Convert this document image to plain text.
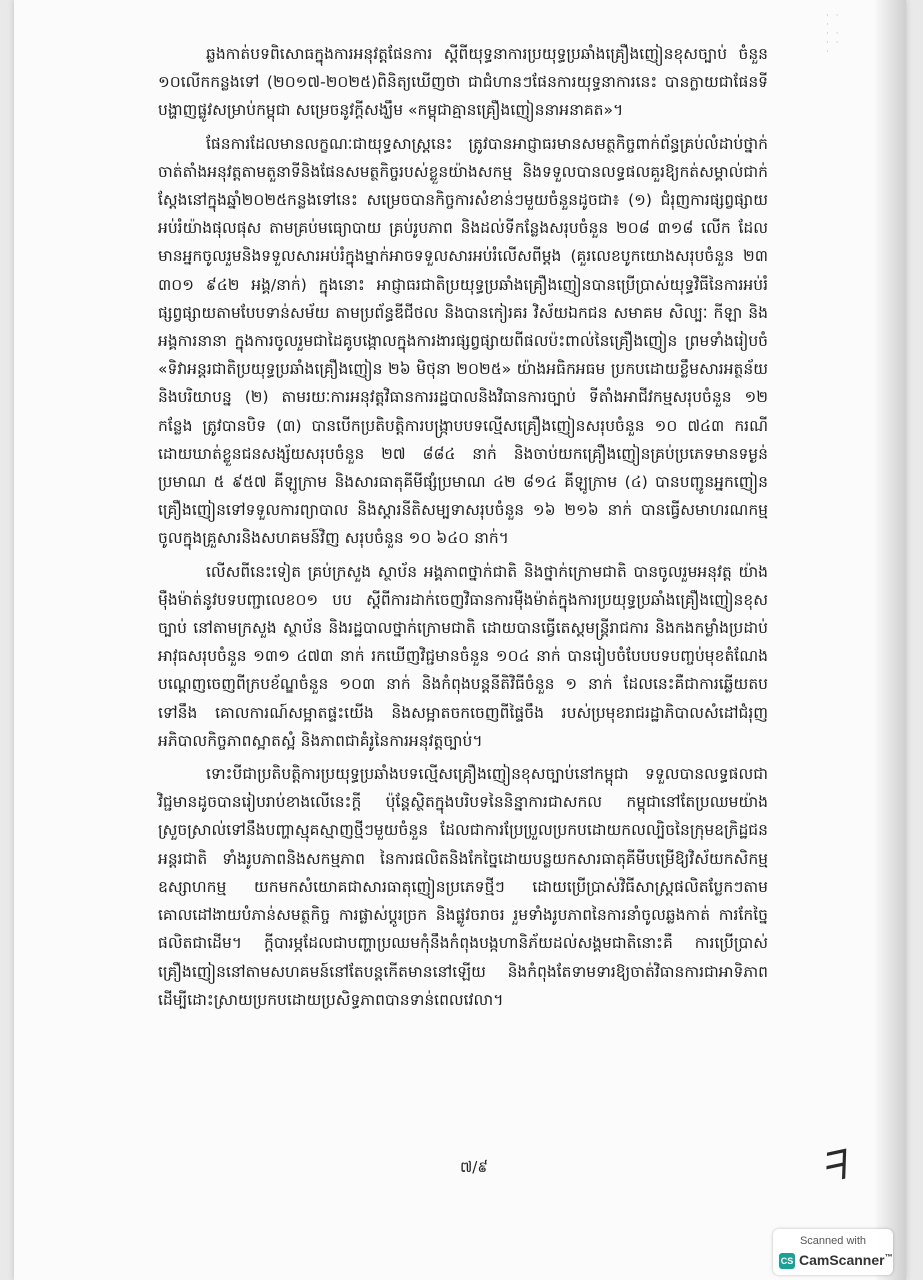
· · ·
· ·
· · ·

ឆ្លងកាត់បទពិសោធក្នុងការអនុវត្តផែនការ ស្ដីពីយុទ្ធនាការប្រយុទ្ធប្រឆាំងគ្រឿងញៀនខុសច្បាប់ ចំនួន ១០លើកកន្លងទៅ (២០១៧-២០២៥)ពិនិត្យឃើញថា ជាជំហានៗផែនការយុទ្ធនាការនេះ បានក្លាយជាផែនទីបង្ហាញផ្លូវសម្រាប់កម្ពុជា សម្រេចនូវក្ដីសង្ឃឹម «កម្ពុជាគ្មានគ្រឿងញៀននាអនាគត»។

ផែនការដែលមានលក្ខណៈជាយុទ្ធសាស្ត្រនេះ ត្រូវបានអាជ្ញាធរមានសមត្ថកិច្ចពាក់ព័ន្ធគ្រប់លំដាប់ថ្នាក់ ចាត់តាំងអនុវត្តតាមតួនាទីនិងផែនសមត្ថកិច្ចរបស់ខ្លួនយ៉ាងសកម្ម និងទទួលបានលទ្ធផលគួរឱ្យកត់សម្គាល់ជាក់ស្ដែងនៅក្នុងឆ្នាំ២០២៥កន្លងទៅនេះ សម្រេចបានកិច្ចការសំខាន់ៗមួយចំនួនដូចជា៖ (១) ជំរុញការផ្សព្វផ្សាយ អប់រំយ៉ាងផុលផុស តាមគ្រប់មធ្យោបាយ គ្រប់រូបភាព និងដល់ទីកន្លែងសរុបចំនួន ២០៨ ៣១៨ លើក ដែលមានអ្នកចូលរួមនិងទទួលសារអប់រំក្នុងម្នាក់អាចទទួលសារអប់រំលើសពីម្ដង (គួរលេខបូកយោងសរុបចំនួន ២៣ ៣០១ ៩៤២ អង្គ/នាក់) ក្នុងនោះ អាជ្ញាធរជាតិប្រយុទ្ធប្រឆាំងគ្រឿងញៀនបានប្រើប្រាស់យុទ្ធវិធីនៃការអប់រំ ផ្សព្វផ្សាយតាមបែបទាន់សម័យ តាមប្រព័ន្ធឌីជីថល និងបានកៀរគរ វិស័យឯកជន សមាគម សិល្បៈ កីឡា និងអង្គការនានា ក្នុងការចូលរួមជាដៃគូបង្កោលក្នុងការងារផ្សព្វផ្សាយពីផលប៉ះពាល់នៃគ្រឿងញៀន ព្រមទាំងរៀបចំ «ទិវាអន្តរជាតិប្រយុទ្ធប្រឆាំងគ្រឿងញៀន ២៦ មិថុនា ២០២៥» យ៉ាងអធិកអធម ប្រកបដោយខ្លឹមសារអត្ថន័យ និងបរិយាបន្ន (២) តាមរយៈការអនុវត្តវិធានការរដ្ឋបាលនិងវិធានការច្បាប់ ទីតាំងអាជីវកម្មសរុបចំនួន ១២ កន្លែង ត្រូវបានបិទ (៣) បានបើកប្រតិបត្តិការបង្ក្រាបបទល្មើសគ្រឿងញៀនសរុបចំនួន ១០ ៧៤៣ ករណី ដោយឃាត់ខ្លួនជនសង្ស័យសរុបចំនួន ២៧ ៨៨៤ នាក់ និងចាប់យកគ្រឿងញៀនគ្រប់ប្រភេទមានទម្ងន់ប្រមាណ ៥ ៩៥៧ គីឡូក្រាម និងសារធាតុគីមីផ្សំប្រមាណ ៤២ ៨១៤ គីឡូក្រាម (៤) បានបញ្ជូនអ្នកញៀនគ្រឿងញៀនទៅទទួលការព្យាបាល និងស្តារនីតិសម្បទាសរុបចំនួន ១៦ ២១៦ នាក់ បានធ្វើសមាហរណកម្មចូលក្នុងគ្រួសារនិងសហគមន៍វិញ សរុបចំនួន ១០ ៦៤០ នាក់។

លើសពីនេះទៀត គ្រប់ក្រសួង ស្ថាប័ន អង្គភាពថ្នាក់ជាតិ និងថ្នាក់ក្រោមជាតិ បានចូលរួមអនុវត្ត យ៉ាងម៉ឺងម៉ាត់នូវបទបញ្ជាលេខ០១ បប ស្តីពីការដាក់ចេញវិធានការម៉ឺងម៉ាត់ក្នុងការប្រយុទ្ធប្រឆាំងគ្រឿងញៀនខុសច្បាប់ នៅតាមក្រសួង ស្ថាប័ន និងរដ្ឋបាលថ្នាក់ក្រោមជាតិ ដោយបានធ្វើតេស្តមន្ត្រីរាជការ និងកងកម្លាំងប្រដាប់អាវុធសរុបចំនួន ១៣១ ៤៧៣ នាក់ រកឃើញវិជ្ជមានចំនួន ១០៤ នាក់ បានរៀបចំបែបបទបញ្ចប់មុខតំណែង បណ្ដេញចេញពីក្របខ័ណ្ឌចំនួន ១០៣ នាក់ និងកំពុងបន្តនីតិវិធីចំនួន ១ នាក់ ដែលនេះគឺជាការឆ្លើយតបទៅនឹង គោលការណ៍សម្អាតផ្ទះយើង និងសម្អាតចកចេញពីផ្ទៃចឹង របស់ប្រមុខរាជរដ្ឋាភិបាលសំដៅជំរុញអភិបាលកិច្ចភាពស្អាតស្អំ និងភាពជាគំរូនៃការអនុវត្តច្បាប់។

ទោះបីជាប្រតិបត្តិការប្រយុទ្ធប្រឆាំងបទល្មើសគ្រឿងញៀនខុសច្បាប់នៅកម្ពុជា ទទួលបានលទ្ធផលជាវិជ្ជមានដូចបានរៀបរាប់ខាងលើនេះក្តី ប៉ុន្តែស្ថិតក្នុងបរិបទនៃនិន្នាការជាសកល កម្ពុជានៅតែប្រឈមយ៉ាងស្រួចស្រាល់ទៅនឹងបញ្ហាស្មុគស្មាញថ្មីៗមួយចំនួន ដែលជាការប្រែប្រួលប្រកបដោយកលល្បិចនៃក្រុមឧក្រិដ្ឋជនអន្តរជាតិ ទាំងរូបភាពនិងសកម្មភាព នៃការផលិតនិងកែច្នៃដោយបន្លយកសារធាតុគីមីបម្រើឱ្យវិស័យកសិកម្ម ឧស្សាហកម្ម យកមកសំយោគជាសារធាតុញៀនប្រភេទថ្មីៗ ដោយប្រើប្រាស់វិធីសាស្ត្រផលិតប្លែកៗតាមគោលដៅងាយបំភាន់សមត្ថកិច្ច ការផ្លាស់ប្តូរច្រក និងផ្លូវចរាចរ រួមទាំងរូបភាពនៃការនាំចូលឆ្លងកាត់ ការកែច្នៃផលិតជាដើម។ ក្តីបារម្ភដែលជាបញ្ហាប្រឈមកុំនឹងកំពុងបង្កហានិភ័យដល់សង្គមជាតិនោះគឺ ការប្រើប្រាស់គ្រឿងញៀននៅតាមសហគមន៍នៅតែបន្តកើតមាននៅឡើយ និងកំពុងតែទាមទារឱ្យចាត់វិធានការជាអាទិភាព ដើម្បីដោះស្រាយប្រកបដោយប្រសិទ្ធភាពបានទាន់ពេលវេលា។

៧/៩	ᖷ
Scanned with
CS CamScanner™
